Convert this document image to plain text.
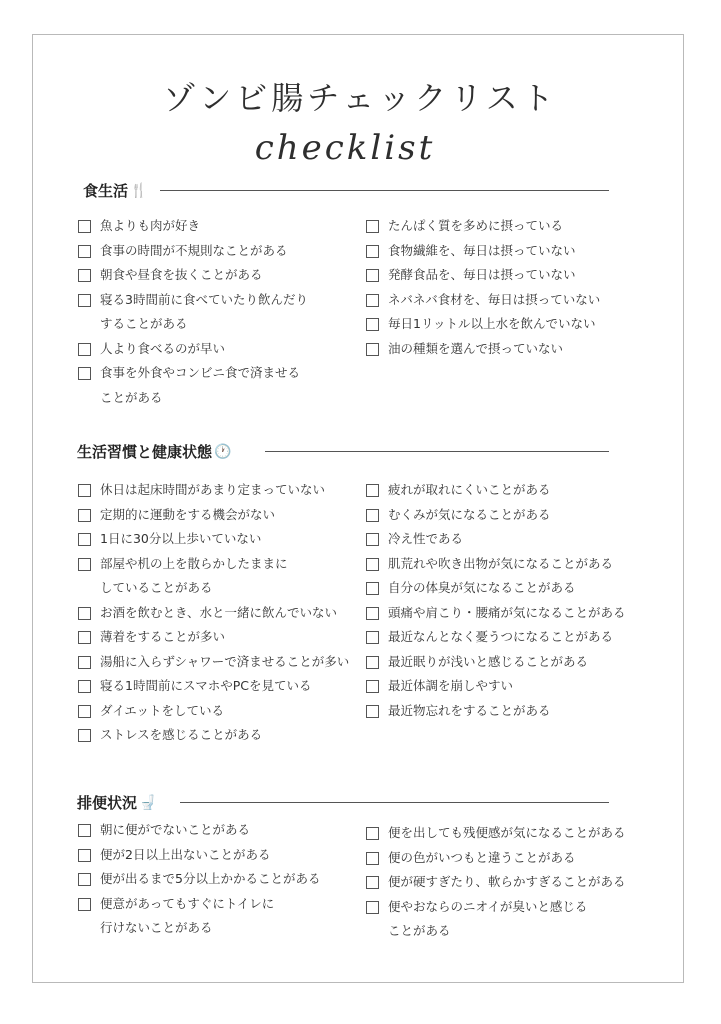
ゾンビ腸チェックリスト
checklist
食生活 🍴
魚よりも肉が好き
食事の時間が不規則なことがある
朝食や昼食を抜くことがある
寝る3時間前に食べていたり飲んだり
することがある
人より食べるのが早い
食事を外食やコンビニ食で済ませる
ことがある
たんぱく質を多めに摂っている
食物繊維を、毎日は摂っていない
発酵食品を、毎日は摂っていない
ネバネバ食材を、毎日は摂っていない
毎日1リットル以上水を飲んでいない
油の種類を選んで摂っていない
生活習慣と健康状態 🕐
休日は起床時間があまり定まっていない
定期的に運動をする機会がない
1日に30分以上歩いていない
部屋や机の上を散らかしたままに
していることがある
お酒を飲むとき、水と一緒に飲んでいない
薄着をすることが多い
湯船に入らずシャワーで済ませることが多い
寝る1時間前にスマホやPCを見ている
ダイエットをしている
ストレスを感じることがある
疲れが取れにくいことがある
むくみが気になることがある
冷え性である
肌荒れや吹き出物が気になることがある
自分の体臭が気になることがある
頭痛や肩こり・腰痛が気になることがある
最近なんとなく憂うつになることがある
最近眠りが浅いと感じることがある
最近体調を崩しやすい
最近物忘れをすることがある
排便状況 🚽
朝に便がでないことがある
便が2日以上出ないことがある
便が出るまで5分以上かかることがある
便意があってもすぐにトイレに
行けないことがある
便を出しても残便感が気になることがある
便の色がいつもと違うことがある
便が硬すぎたり、軟らかすぎることがある
便やおならのニオイが臭いと感じる
ことがある
